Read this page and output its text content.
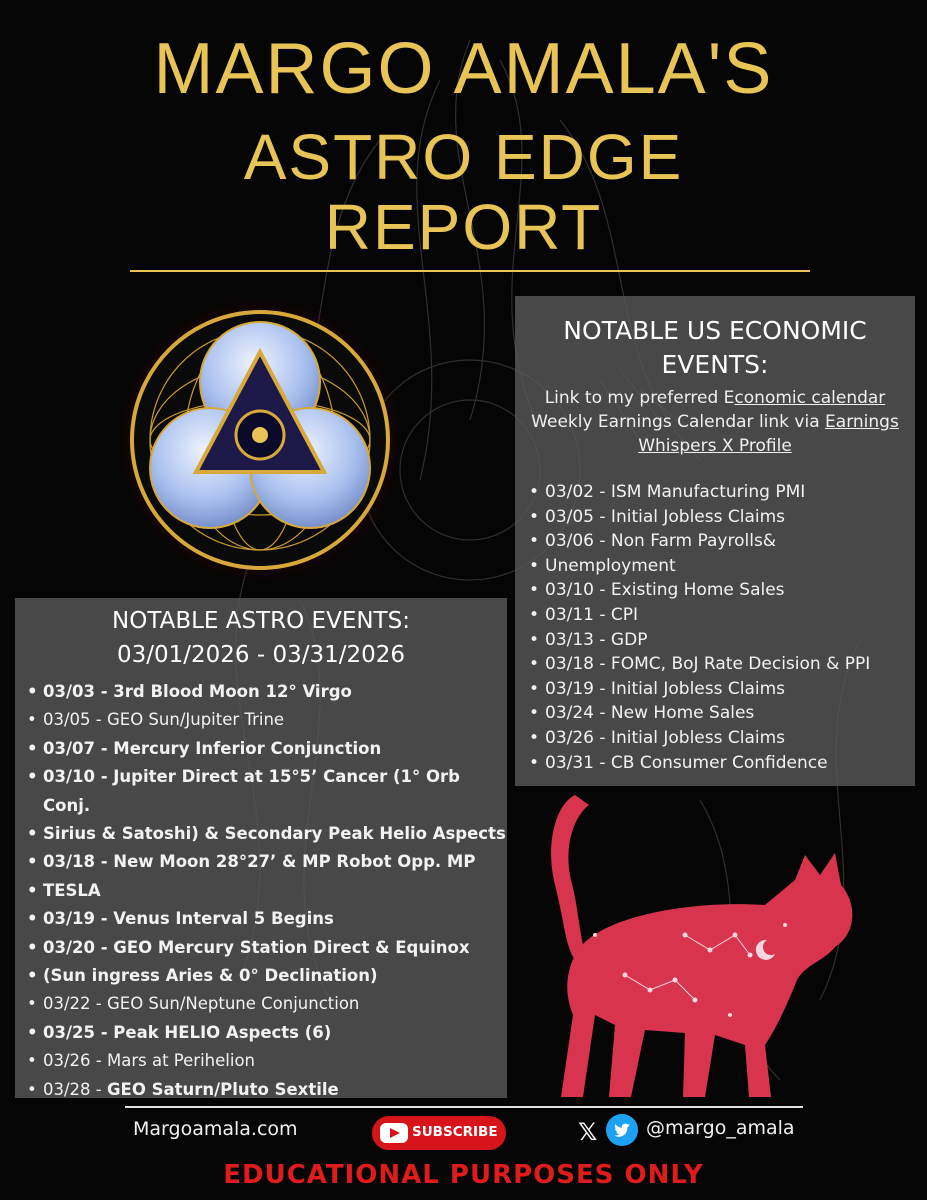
MARGO AMALA'S
ASTRO EDGE
REPORT
NOTABLE US ECONOMIC
EVENTS:
Link to my preferred Economic calendar
Weekly Earnings Calendar link via Earnings
Whispers X Profile
• 03/02 - ISM Manufacturing PMI
• 03/05 - Initial Jobless Claims
• 03/06 - Non Farm Payrolls&
• Unemployment
• 03/10 - Existing Home Sales
• 03/11 - CPI
• 03/13 - GDP
• 03/18 - FOMC, BoJ Rate Decision & PPI
• 03/19 - Initial Jobless Claims
• 03/24 - New Home Sales
• 03/26 - Initial Jobless Claims
• 03/31 - CB Consumer Confidence
NOTABLE ASTRO EVENTS:
03/01/2026 - 03/31/2026
• 03/03 - 3rd Blood Moon 12° Virgo
• 03/05 - GEO Sun/Jupiter Trine
• 03/07 - Mercury Inferior Conjunction
• 03/10 - Jupiter Direct at 15°5’ Cancer (1° Orb Conj.
• Sirius & Satoshi) & Secondary Peak Helio Aspects
• 03/18 - New Moon 28°27’ & MP Robot Opp. MP
• TESLA
• 03/19 - Venus Interval 5 Begins
• 03/20 - GEO Mercury Station Direct & Equinox
• (Sun ingress Aries & 0° Declination)
• 03/22 - GEO Sun/Neptune Conjunction
• 03/25 - Peak HELIO Aspects (6)
• 03/26 - Mars at Perihelion
• 03/28 - GEO Saturn/Pluto Sextile
Margoamala.com	SUBSCRIBE	𝕏	@margo_amala
EDUCATIONAL PURPOSES ONLY
